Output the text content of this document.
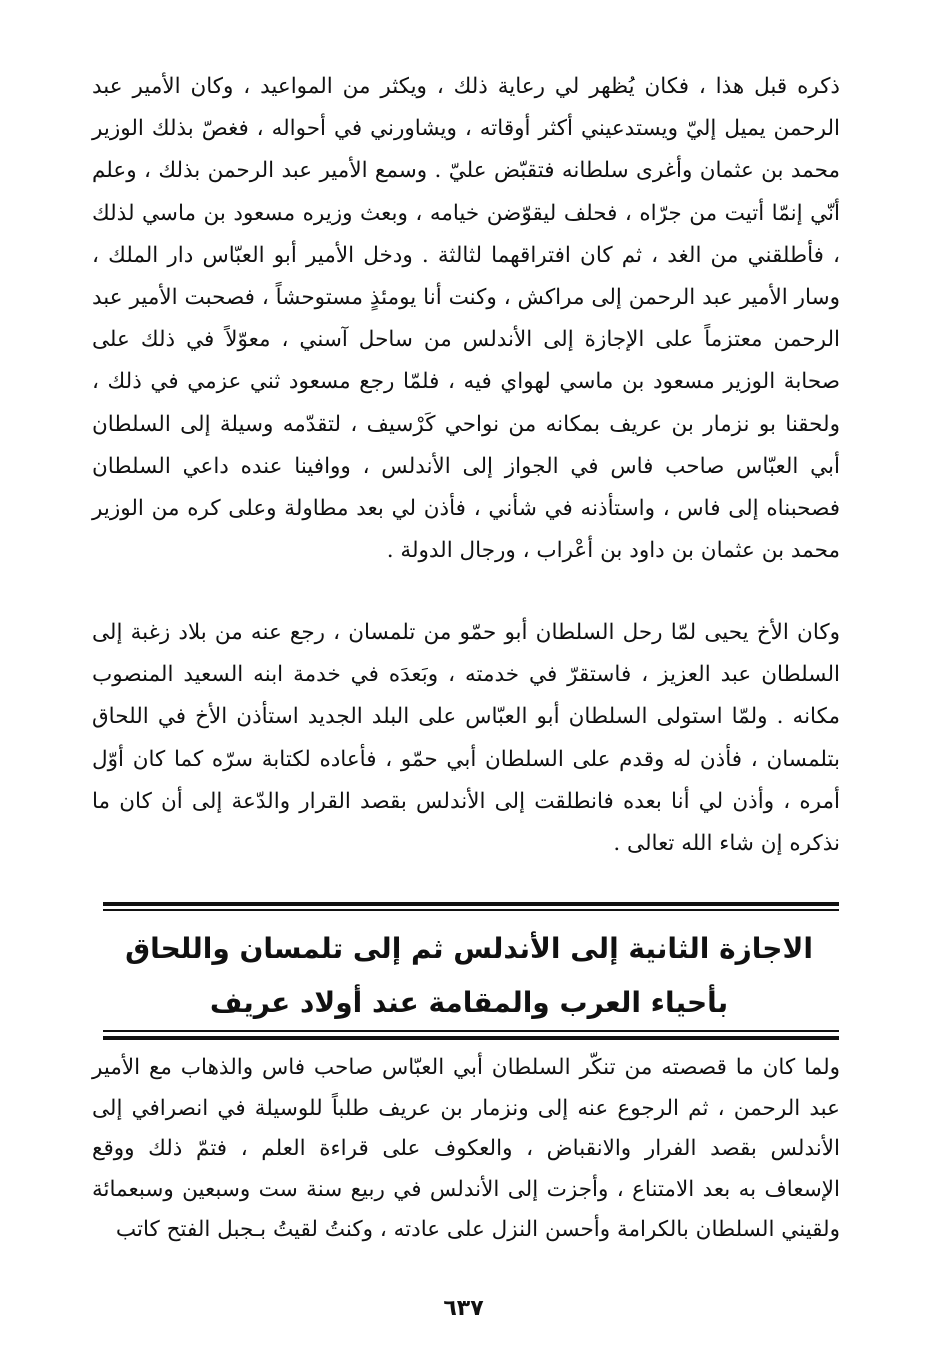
ذكره قبل هذا ، فكان يُظهر لي رعاية ذلك ، ويكثر من المواعيد ، وكان الأمير عبد الرحمن يميل إليّ ويستدعيني أكثر أوقاته ، ويشاورني في أحواله ، فغصّ بذلك الوزير محمد بن عثمان وأغرى سلطانه فتقبّض عليّ . وسمع الأمير عبد الرحمن بذلك ، وعلم أنّي إنمّا أتيت من جرّاه ، فحلف ليقوّضن خيامه ، وبعث وزيره مسعود بن ماسي لذلك ، فأطلقني من الغد ، ثم كان افتراقهما لثالثة . ودخل الأمير أبو العبّاس دار الملك ، وسار الأمير عبد الرحمن إلى مراكش ، وكنت أنا يومئذٍ مستوحشاً ، فصحبت الأمير عبد الرحمن معتزماً على الإجازة إلى الأندلس من ساحل آسني ، معوّلاً في ذلك على صحابة الوزير مسعود بن ماسي لهواي فيه ، فلمّا رجع مسعود ثني عزمي في ذلك ، ولحقنا بو نزمار بن عريف بمكانه من نواحي كَرْسيف ، لتقدّمه وسيلة إلى السلطان أبي العبّاس صاحب فاس في الجواز إلى الأندلس ، ووافينا عنده داعي السلطان فصحبناه إلى فاس ، واستأذنه في شأني ، فأذن لي بعد مطاولة وعلى كره من الوزير محمد بن عثمان بن داود بن أعْراب ، ورجال الدولة .

وكان الأخ يحيى لمّا رحل السلطان أبو حمّو من تلمسان ، رجع عنه من بلاد زغبة إلى السلطان عبد العزيز ، فاستقرّ في خدمته ، وبَعدَه في خدمة ابنه السعيد المنصوب مكانه . ولمّا استولى السلطان أبو العبّاس على البلد الجديد استأذن الأخ في اللحاق بتلمسان ، فأذن له وقدم على السلطان أبي حمّو ، فأعاده لكتابة سرّه كما كان أوّل أمره ، وأذن لي أنا بعده فانطلقت إلى الأندلس بقصد القرار والدّعة إلى أن كان ما نذكره إن شاء الله تعالى .

الاجازة الثانية إلى الأندلس ثم إلى تلمسان واللحاق بأحياء العرب والمقامة عند أولاد عريف

ولما كان ما قصصته من تنكّر السلطان أبي العبّاس صاحب فاس والذهاب مع الأمير عبد الرحمن ، ثم الرجوع عنه إلى ونزمار بن عريف طلباً للوسيلة في انصرافي إلى الأندلس بقصد الفرار والانقباض ، والعكوف على قراءة العلم ، فتمّ ذلك ووقع الإسعاف به بعد الامتناع ، وأجزت إلى الأندلس في ربيع سنة ست وسبعين وسبعمائة ولقيني السلطان بالكرامة وأحسن النزل على عادته ، وكنتُ لقيتُ بـجبل الفتح كاتب

٦٣٧
